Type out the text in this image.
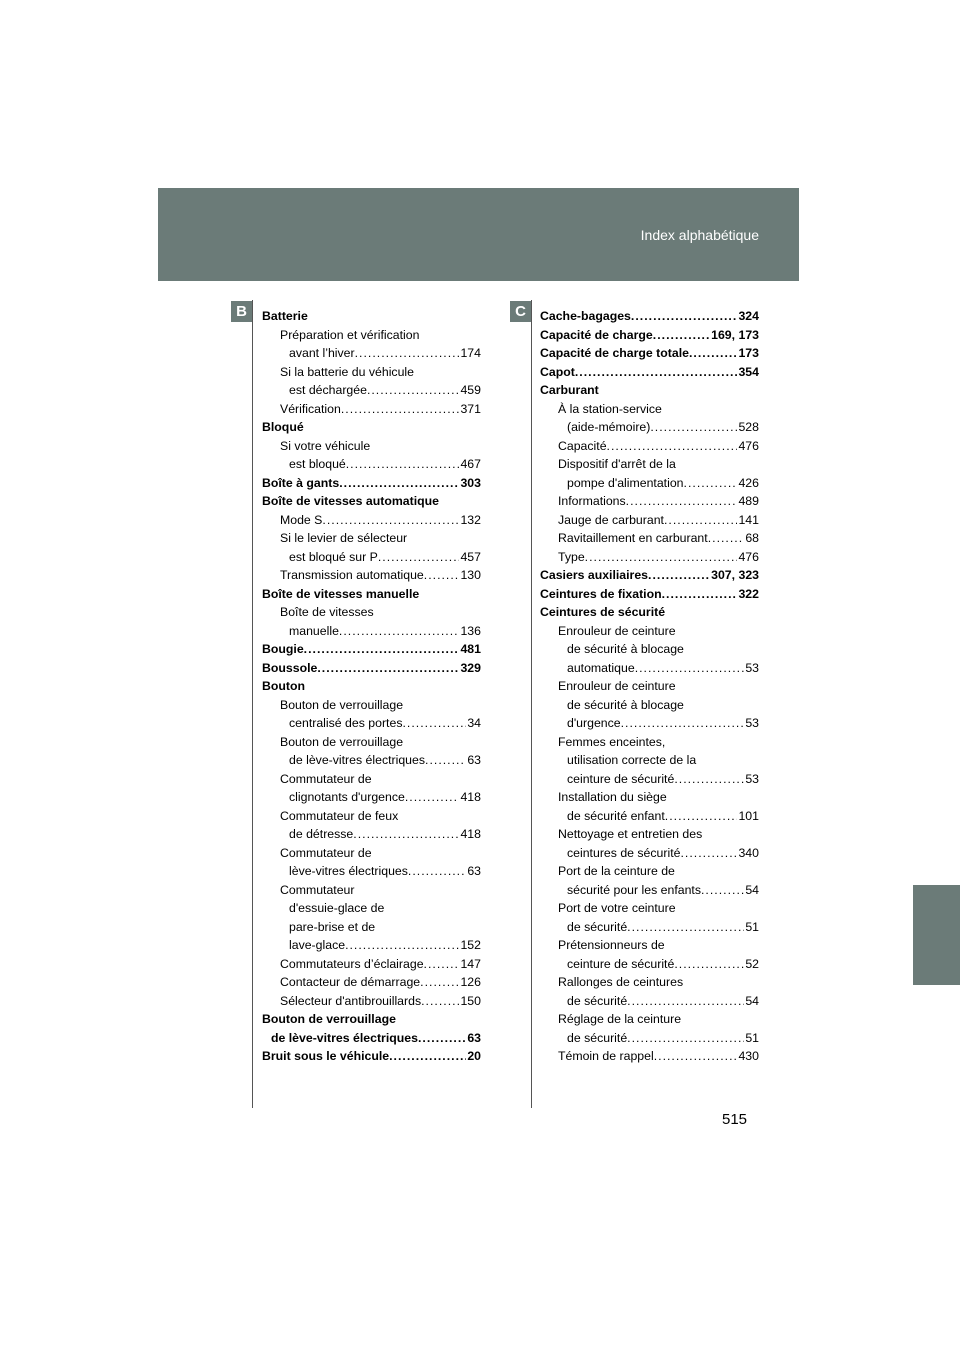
Index alphabétique
B	C
Batterie
Préparation et vérification
avant l’hiver . . .	174
Si la batterie du véhicule
est déchargée . . .	459
Vérification . . .	371
Bloqué
Si votre véhicule
est bloqué . . .	467
Boîte à gants . . .	303
Boîte de vitesses automatique
Mode S . . .	132
Si le levier de sélecteur
est bloqué sur P . . .	457
Transmission automatique . . .	130
Boîte de vitesses manuelle
Boîte de vitesses
manuelle . . .	136
Bougie . . .	481
Boussole . . .	329
Bouton
Bouton de verrouillage
centralisé des portes . . .	34
Bouton de verrouillage
de lève-vitres électriques . . .	63
Commutateur de
clignotants d'urgence . . .	418
Commutateur de feux
de détresse . . .	418
Commutateur de
lève-vitres électriques . . .	63
Commutateur
d'essuie-glace de
pare-brise et de
lave-glace . . .	152
Commutateurs d’éclairage . . .	147
Contacteur de démarrage . . .	126
Sélecteur d'antibrouillards . . .	150
Bouton de verrouillage
de lève-vitres électriques . . .	63
Bruit sous le véhicule . . .	20
Cache-bagages . . .	324
Capacité de charge . . .	169, 173
Capacité de charge totale . . .	173
Capot . . .	354
Carburant
À la station-service
(aide-mémoire) . . .	528
Capacité . . .	476
Dispositif d'arrêt de la
pompe d'alimentation . . .	426
Informations . . .	489
Jauge de carburant . . .	141
Ravitaillement en carburant . . .	68
Type . . .	476
Casiers auxiliaires . . .	307, 323
Ceintures de fixation . . .	322
Ceintures de sécurité
Enrouleur de ceinture
de sécurité à blocage
automatique . . .	53
Enrouleur de ceinture
de sécurité à blocage
d'urgence . . .	53
Femmes enceintes,
utilisation correcte de la
ceinture de sécurité . . .	53
Installation du siège
de sécurité enfant . . .	101
Nettoyage et entretien des
ceintures de sécurité . . .	340
Port de la ceinture de
sécurité pour les enfants . . .	54
Port de votre ceinture
de sécurité . . .	51
Prétensionneurs de
ceinture de sécurité . . .	52
Rallonges de ceintures
de sécurité . . .	54
Réglage de la ceinture
de sécurité . . .	51
Témoin de rappel . . .	430
515
